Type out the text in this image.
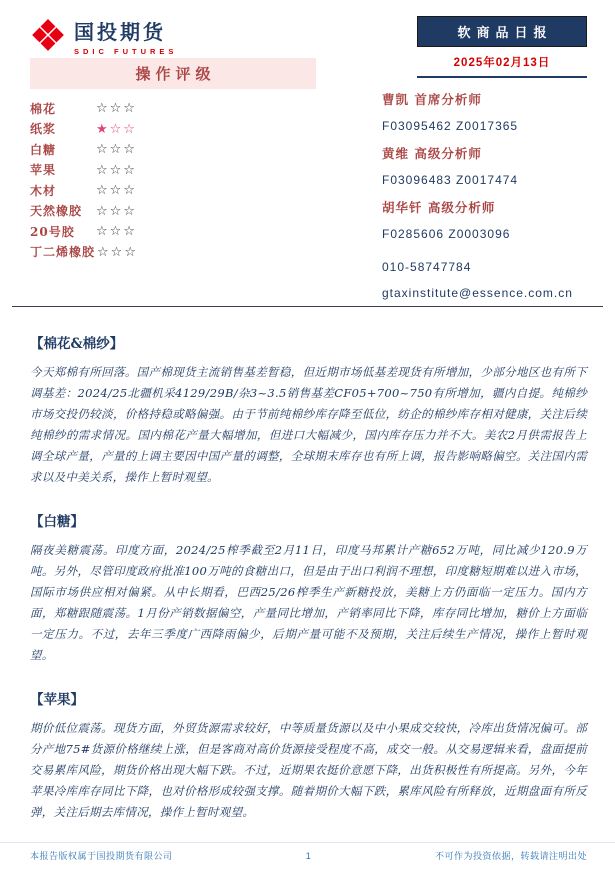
国投期货
SDIC FUTURES
软商品日报
2025年02月13日
操作评级
棉花	☆☆☆
纸浆	★☆☆
白糖	☆☆☆
苹果	☆☆☆
木材	☆☆☆
天然橡胶	☆☆☆
20号胶	☆☆☆
丁二烯橡胶 ☆☆☆
曹凯 首席分析师
F03095462 Z0017365
黄维 高级分析师
F03096483 Z0017474
胡华钎 高级分析师
F0285606 Z0003096
010-58747784
gtaxinstitute@essence.com.cn
【棉花&棉纱】
今天郑棉有所回落。国产棉现货主流销售基差暂稳，但近期市场低基差现货有所增加，少部分地区也有所下调基差：2024/25北疆机采4129/29B/杂3~3.5销售基差CF05+700~750有所增加，疆内自提。纯棉纱市场交投仍较淡，价格持稳或略偏强。由于节前纯棉纱库存降至低位，纺企的棉纱库存相对健康，关注后续纯棉纱的需求情况。国内棉花产量大幅增加，但进口大幅减少，国内库存压力并不大。美农2月供需报告上调全球产量，产量的上调主要因中国产量的调整，全球期末库存也有所上调，报告影响略偏空。关注国内需求以及中美关系，操作上暂时观望。
【白糖】
隔夜美糖震荡。印度方面，2024/25榨季截至2月11日，印度马邦累计产糖652万吨，同比减少120.9万吨。另外，尽管印度政府批准100万吨的食糖出口，但是由于出口利润不理想，印度糖短期难以进入市场，国际市场供应相对偏紧。从中长期看，巴西25/26榨季生产新糖投放，美糖上方仍面临一定压力。国内方面，郑糖跟随震荡。1月份产销数据偏空，产量同比增加，产销率同比下降，库存同比增加，糖价上方面临一定压力。不过，去年三季度广西降雨偏少，后期产量可能不及预期，关注后续生产情况，操作上暂时观望。
【苹果】
期价低位震荡。现货方面，外贸货源需求较好，中等质量货源以及中小果成交较快，冷库出货情况偏可。部分产地75#货源价格继续上涨，但是客商对高价货源接受程度不高，成交一般。从交易逻辑来看，盘面提前交易累库风险，期货价格出现大幅下跌。不过，近期果农挺价意愿下降，出货积极性有所提高。另外，今年苹果冷库库存同比下降，也对价格形成较强支撑。随着期价大幅下跌，累库风险有所释放，近期盘面有所反弹，关注后期去库情况，操作上暂时观望。
本报告版权属于国投期货有限公司	1	不可作为投资依据，转载请注明出处
